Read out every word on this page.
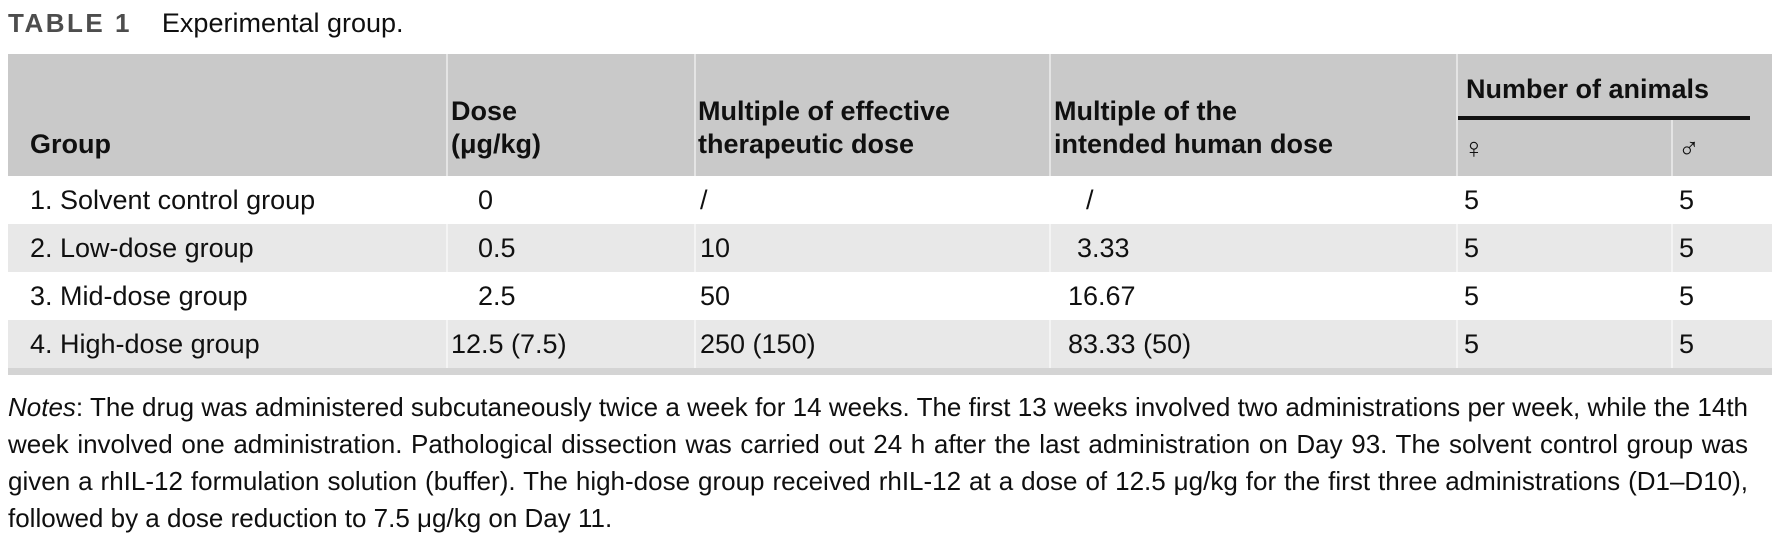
TABLE 1 Experimental group.
Group

Dose
(μg/kg)

Multiple of effective
therapeutic dose

Multiple of the
intended human dose

Number of animals

				♀	♂
1. Solvent control group	0	/	/	5	5
2. Low-dose group	0.5	10	3.33	5	5
3. Mid-dose group	2.5	50	16.67	5	5
4. High-dose group	12.5 (7.5)	250 (150)	83.33 (50)	5	5

Notes: The drug was administered subcutaneously twice a week for 14 weeks. The first 13 weeks involved two administrations per week, while the 14th week involved one administration. Pathological dissection was carried out 24 h after the last administration on Day 93. The solvent control group was given a rhIL-12 formulation solution (buffer). The high-dose group received rhIL-12 at a dose of 12.5 μg/kg for the first three administrations (D1–D10), followed by a dose reduction to 7.5 μg/kg on Day 11.
